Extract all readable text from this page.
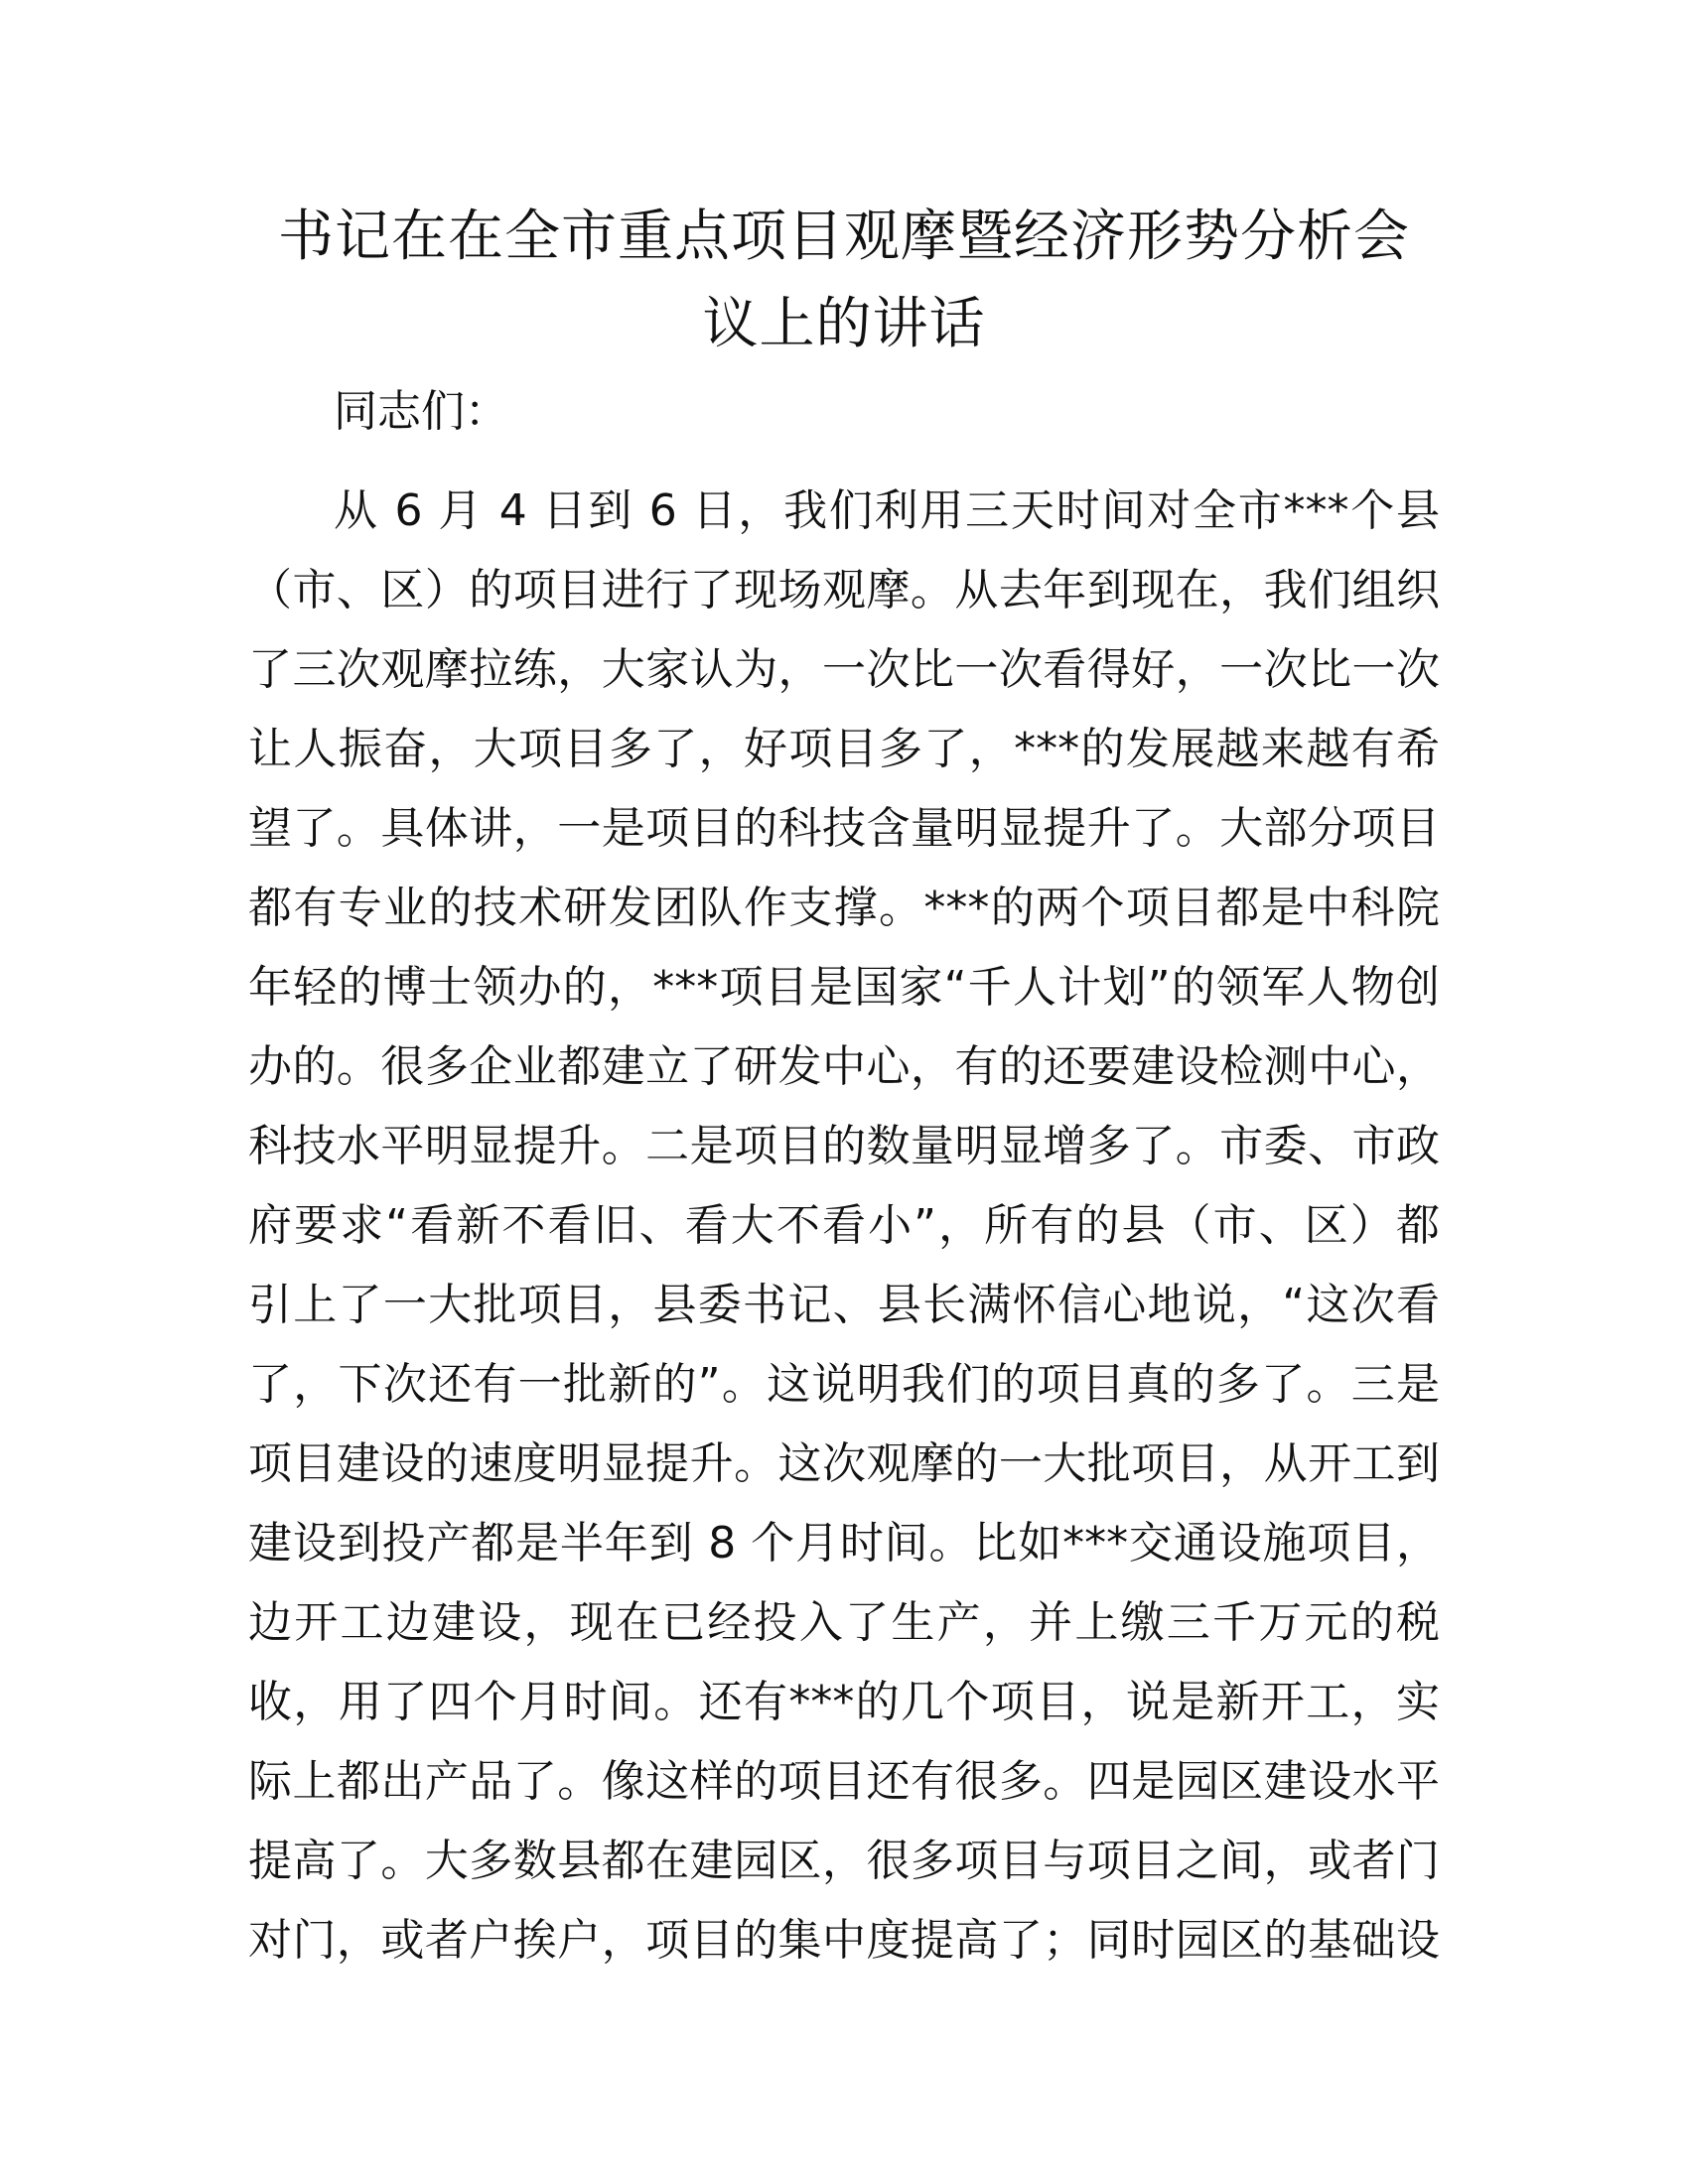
书记在在全市重点项目观摩暨经济形势分析会
议上的讲话
同志们：
从 6 月 4 日到 6 日，我们利用三天时间对全市***个县
（市、区）的项目进行了现场观摩。从去年到现在，我们组织
了三次观摩拉练，大家认为，一次比一次看得好，一次比一次
让人振奋，大项目多了，好项目多了，***的发展越来越有希
望了。具体讲，一是项目的科技含量明显提升了。大部分项目
都有专业的技术研发团队作支撑。***的两个项目都是中科院
年轻的博士领办的，***项目是国家“千人计划”的领军人物创
办的。很多企业都建立了研发中心，有的还要建设检测中心，
科技水平明显提升。二是项目的数量明显增多了。市委、市政
府要求“看新不看旧、看大不看小”，所有的县（市、区）都
引上了一大批项目，县委书记、县长满怀信心地说，“这次看
了，下次还有一批新的”。这说明我们的项目真的多了。三是
项目建设的速度明显提升。这次观摩的一大批项目，从开工到
建设到投产都是半年到 8 个月时间。比如***交通设施项目，
边开工边建设，现在已经投入了生产，并上缴三千万元的税
收，用了四个月时间。还有***的几个项目，说是新开工，实
际上都出产品了。像这样的项目还有很多。四是园区建设水平
提高了。大多数县都在建园区，很多项目与项目之间，或者门
对门，或者户挨户，项目的集中度提高了；同时园区的基础设
